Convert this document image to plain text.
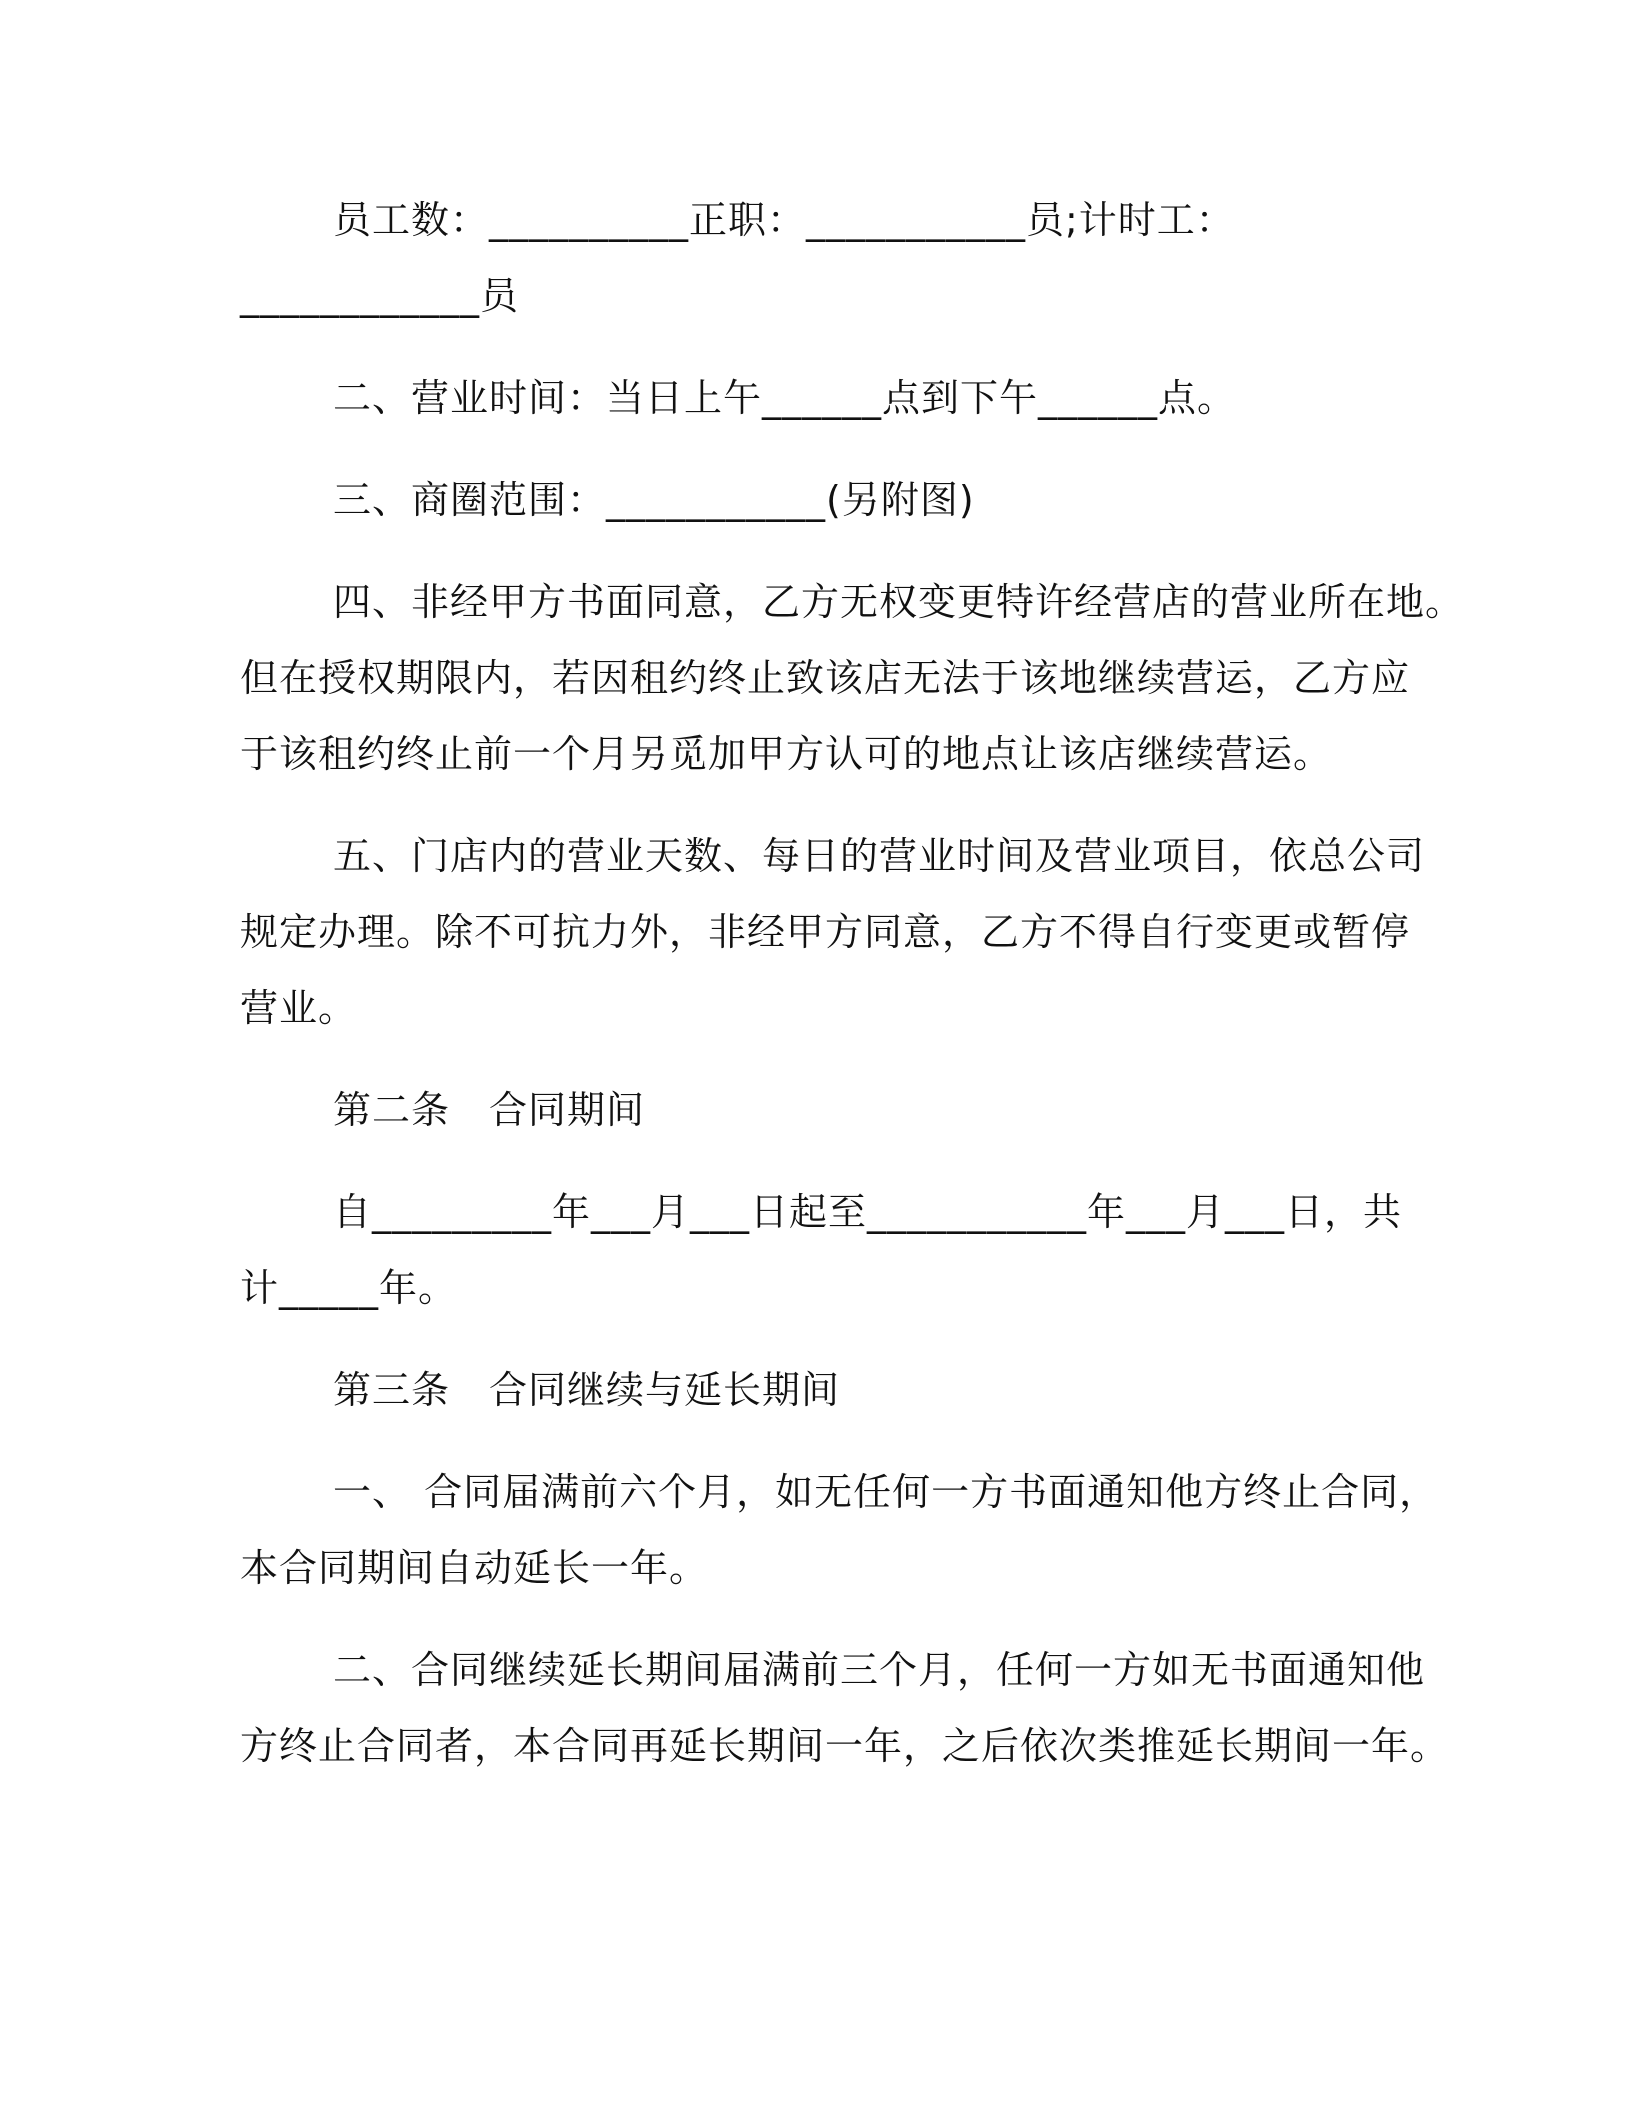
员工数：__________正职：___________员;计时工：
____________员
二、营业时间：当日上午______点到下午______点。
三、商圈范围：___________(另附图)
四、非经甲方书面同意，乙方无权变更特许经营店的营业所在地。
但在授权期限内，若因租约终止致该店无法于该地继续营运，乙方应
于该租约终止前一个月另觅加甲方认可的地点让该店继续营运。
五、门店内的营业天数、每日的营业时间及营业项目，依总公司
规定办理。除不可抗力外，非经甲方同意，乙方不得自行变更或暂停
营业。
第二条　合同期间
自_________年___月___日起至___________年___月___日，共
计_____年。
第三条　合同继续与延长期间
一、 合同届满前六个月，如无任何一方书面通知他方终止合同，
本合同期间自动延长一年。
二、合同继续延长期间届满前三个月，任何一方如无书面通知他
方终止合同者，本合同再延长期间一年，之后依次类推延长期间一年。
